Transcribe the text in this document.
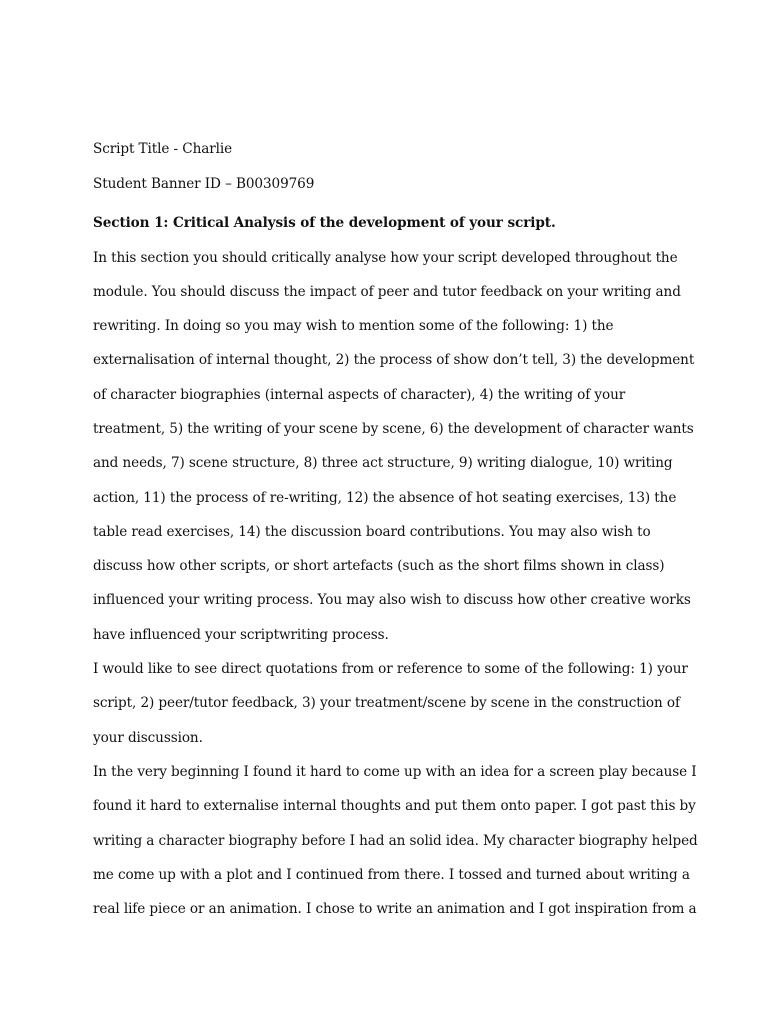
Script Title - Charlie
Student Banner ID – B00309769
Section 1: Critical Analysis of the development of your script.
In this section you should critically analyse how your script developed throughout the
module. You should discuss the impact of peer and tutor feedback on your writing and
rewriting. In doing so you may wish to mention some of the following: 1) the
externalisation of internal thought, 2) the process of show don’t tell, 3) the development
of character biographies (internal aspects of character), 4) the writing of your
treatment, 5) the writing of your scene by scene, 6) the development of character wants
and needs, 7) scene structure, 8) three act structure, 9) writing dialogue, 10) writing
action, 11) the process of re-writing, 12) the absence of hot seating exercises, 13) the
table read exercises, 14) the discussion board contributions. You may also wish to
discuss how other scripts, or short artefacts (such as the short films shown in class)
influenced your writing process. You may also wish to discuss how other creative works
have influenced your scriptwriting process.
I would like to see direct quotations from or reference to some of the following: 1) your
script, 2) peer/tutor feedback, 3) your treatment/scene by scene in the construction of
your discussion.
In the very beginning I found it hard to come up with an idea for a screen play because I
found it hard to externalise internal thoughts and put them onto paper. I got past this by
writing a character biography before I had an solid idea. My character biography helped
me come up with a plot and I continued from there. I tossed and turned about writing a
real life piece or an animation. I chose to write an animation and I got inspiration from a
